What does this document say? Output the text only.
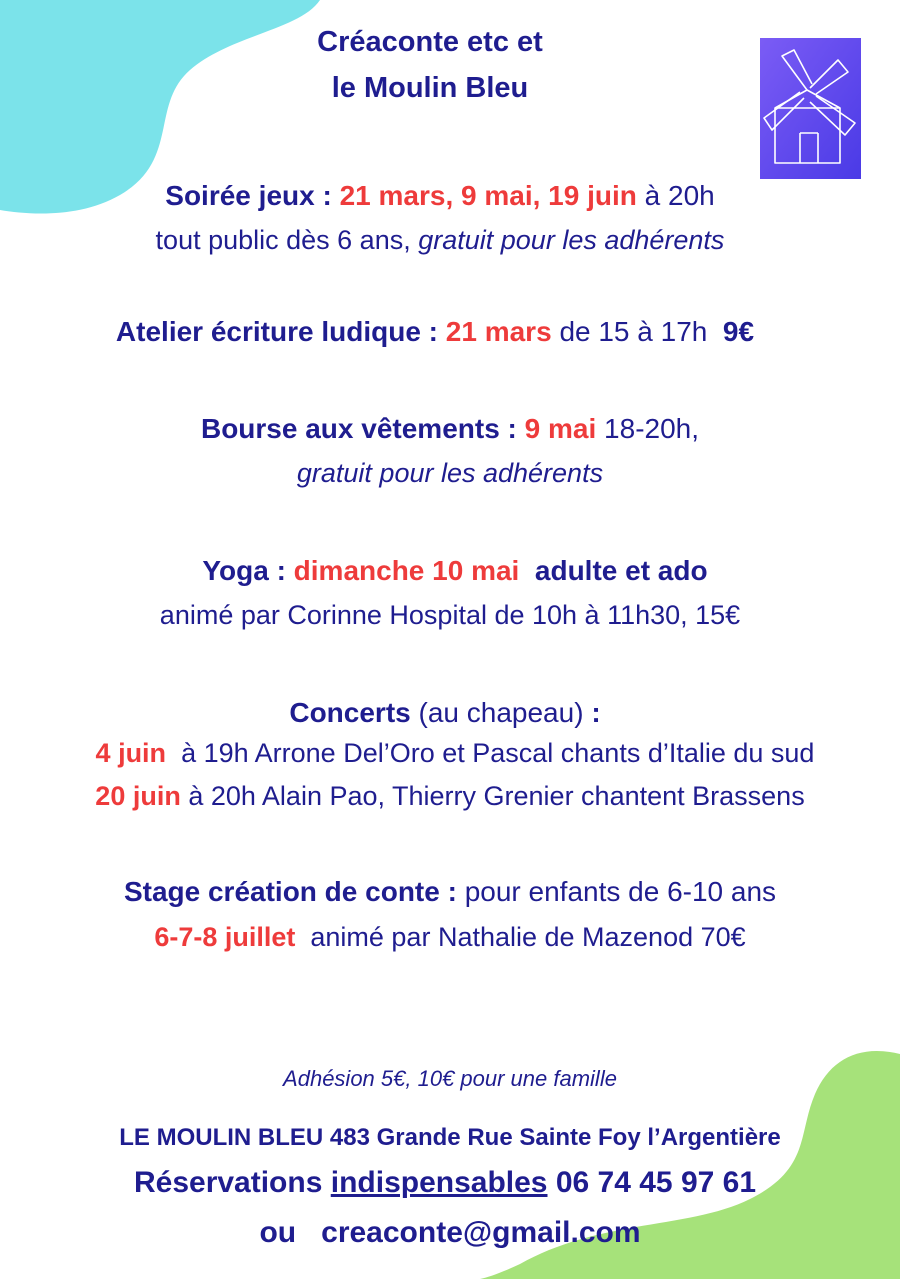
Créaconte etc et
le Moulin Bleu
Soirée jeux : 21 mars, 9 mai, 19 juin à 20h
tout public dès 6 ans, gratuit pour les adhérents
Atelier écriture ludique : 21 mars de 15 à 17h 9€
Bourse aux vêtements : 9 mai 18-20h,
gratuit pour les adhérents
Yoga : dimanche 10 mai adulte et ado
animé par Corinne Hospital de 10h à 11h30, 15€
Concerts (au chapeau) :
4 juin à 19h Arrone Del’Oro et Pascal chants d’Italie du sud
20 juin à 20h Alain Pao, Thierry Grenier chantent Brassens
Stage création de conte : pour enfants de 6-10 ans
6-7-8 juillet animé par Nathalie de Mazenod 70€
Adhésion 5€, 10€ pour une famille
LE MOULIN BLEU 483 Grande Rue Sainte Foy l’Argentière
Réservations indispensables 06 74 45 97 61
ou creaconte@gmail.com
